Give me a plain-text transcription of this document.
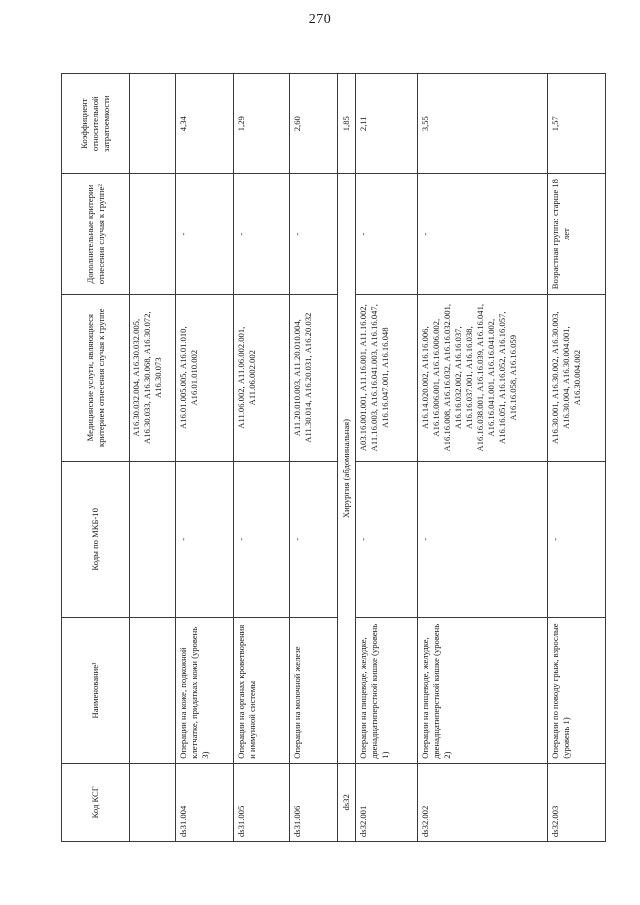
270
Код КСГ	Наименование¹	Коды по МКБ-10	Медицинские услуги, являющиеся критерием отнесения случая к группе	Дополнительные критерии отнесения случая к группе²	Коэффициент относительной затратоемкости
			А16.30.032.004, А16.30.032.005, А16.30.033, А16.30.068, А16.30.072, А16.30.073		
ds31.004	Операции на коже, подкожной клетчатке, придатках кожи (уровень 3)	-	А16.01.005.005, А16.01.010, А16.01.010.002	-	4,34
ds31.005	Операции на органах кроветворения и иммунной системы	-	А11.06.002, А11.06.002.001, А11.06.002.002	-	1,29
ds31.006	Операции на молочной железе	-	А11.20.010.003, А11.20.010.004, А11.30.014, А16.20.031, А16.20.032	-	2,60
ds32	Хирургия (абдоминальная)				1,85
ds32.001	Операции на пищеводе, желудке, двенадцатиперстной кишке (уровень 1)	-	А03.16.001.001, А11.16.001, А11.16.002, А11.16.003, А16.16.041.003, А16.16.047, А16.16.047.001, А16.16.048	-	2,11
ds32.002	Операции на пищеводе, желудке, двенадцатиперстной кишке (уровень 2)	-	А16.14.020.002, А16.16.006, А16.16.006.001, А16.16.006.002, А16.16.008, А16.16.032, А16.16.032.001, А16.16.032.002, А16.16.037, А16.16.037.001, А16.16.038, А16.16.038.001, А16.16.039, А16.16.041, А16.16.041.001, А16.16.041.002, А16.16.051, А16.16.052, А16.16.057, А16.16.058, А16.16.059	-	3,55
ds32.003	Операции по поводу грыж, взрослые (уровень 1)	-	А16.30.001, А16.30.002, А16.30.003, А16.30.004, А16.30.004.001, А16.30.004.002	Возрастная группа: старше 18 лет	1,57
